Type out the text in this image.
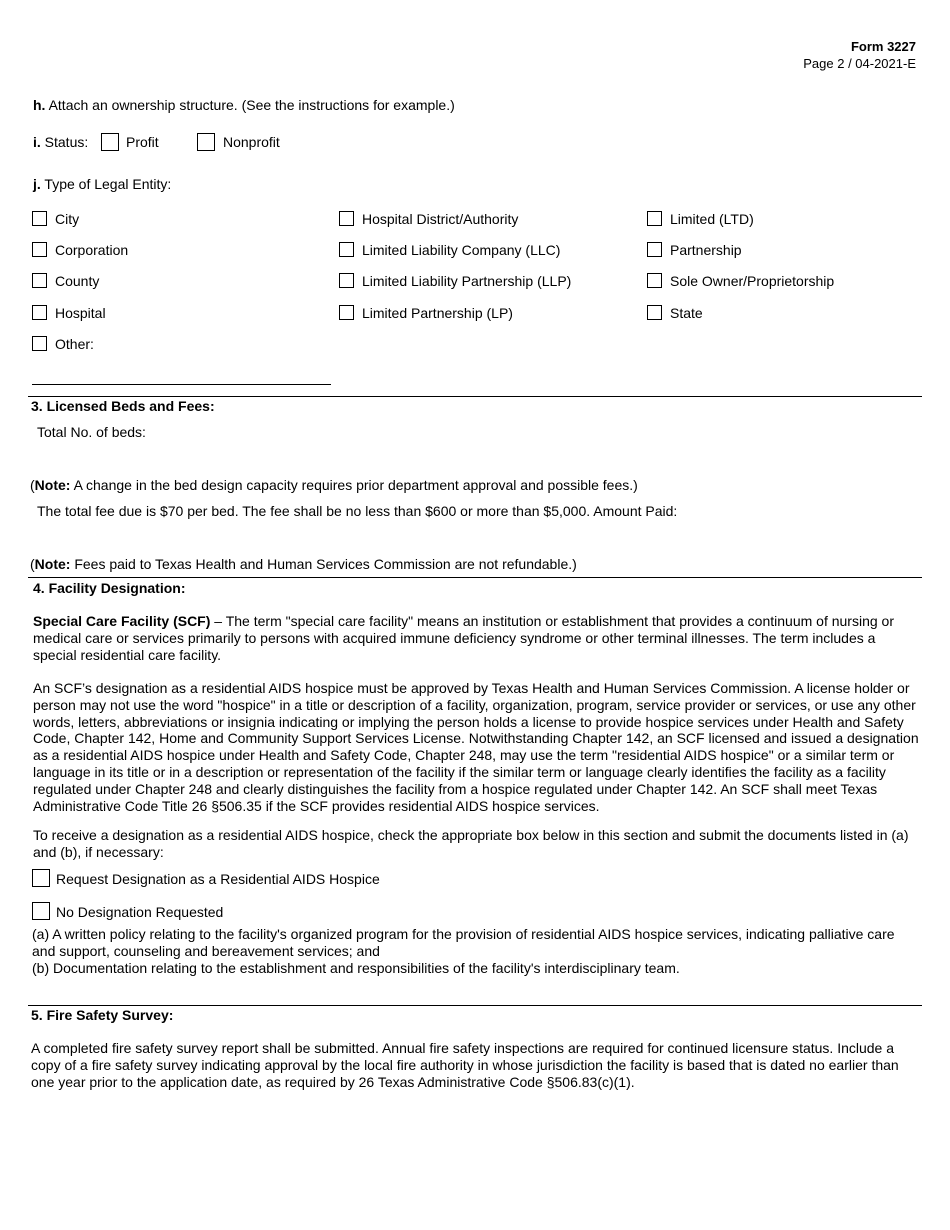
Form 3227
Page 2 / 04-2021-E
h. Attach an ownership structure. (See the instructions for example.)
i. Status:	Profit	Nonprofit
j. Type of Legal Entity:
City
Corporation
County
Hospital
Other:
Hospital District/Authority
Limited Liability Company (LLC)
Limited Liability Partnership (LLP)
Limited Partnership (LP)
Limited (LTD)
Partnership
Sole Owner/Proprietorship
State
3. Licensed Beds and Fees:
Total No. of beds:
(Note: A change in the bed design capacity requires prior department approval and possible fees.)
The total fee due is $70 per bed. The fee shall be no less than $600 or more than $5,000. Amount Paid:
(Note: Fees paid to Texas Health and Human Services Commission are not refundable.)
4. Facility Designation:
Special Care Facility (SCF) – The term "special care facility" means an institution or establishment that provides a continuum of nursing or medical care or services primarily to persons with acquired immune deficiency syndrome or other terminal illnesses. The term includes a special residential care facility.
An SCF’s designation as a residential AIDS hospice must be approved by Texas Health and Human Services Commission. A license holder or person may not use the word "hospice" in a title or description of a facility, organization, program, service provider or services, or use any other words, letters, abbreviations or insignia indicating or implying the person holds a license to provide hospice services under Health and Safety Code, Chapter 142, Home and Community Support Services License. Notwithstanding Chapter 142, an SCF licensed and issued a designation as a residential AIDS hospice under Health and Safety Code, Chapter 248, may use the term "residential AIDS hospice" or a similar term or language in its title or in a description or representation of the facility if the similar term or language clearly identifies the facility as a facility regulated under Chapter 248 and clearly distinguishes the facility from a hospice regulated under Chapter 142. An SCF shall meet Texas Administrative Code Title 26 §506.35 if the SCF provides residential AIDS hospice services.
To receive a designation as a residential AIDS hospice, check the appropriate box below in this section and submit the documents listed in (a) and (b), if necessary:
Request Designation as a Residential AIDS Hospice
No Designation Requested
(a) A written policy relating to the facility's organized program for the provision of residential AIDS hospice services, indicating palliative care and support, counseling and bereavement services; and
(b) Documentation relating to the establishment and responsibilities of the facility's interdisciplinary team.
5. Fire Safety Survey:
A completed fire safety survey report shall be submitted. Annual fire safety inspections are required for continued licensure status. Include a copy of a fire safety survey indicating approval by the local fire authority in whose jurisdiction the facility is based that is dated no earlier than one year prior to the application date, as required by 26 Texas Administrative Code §506.83(c)(1).
